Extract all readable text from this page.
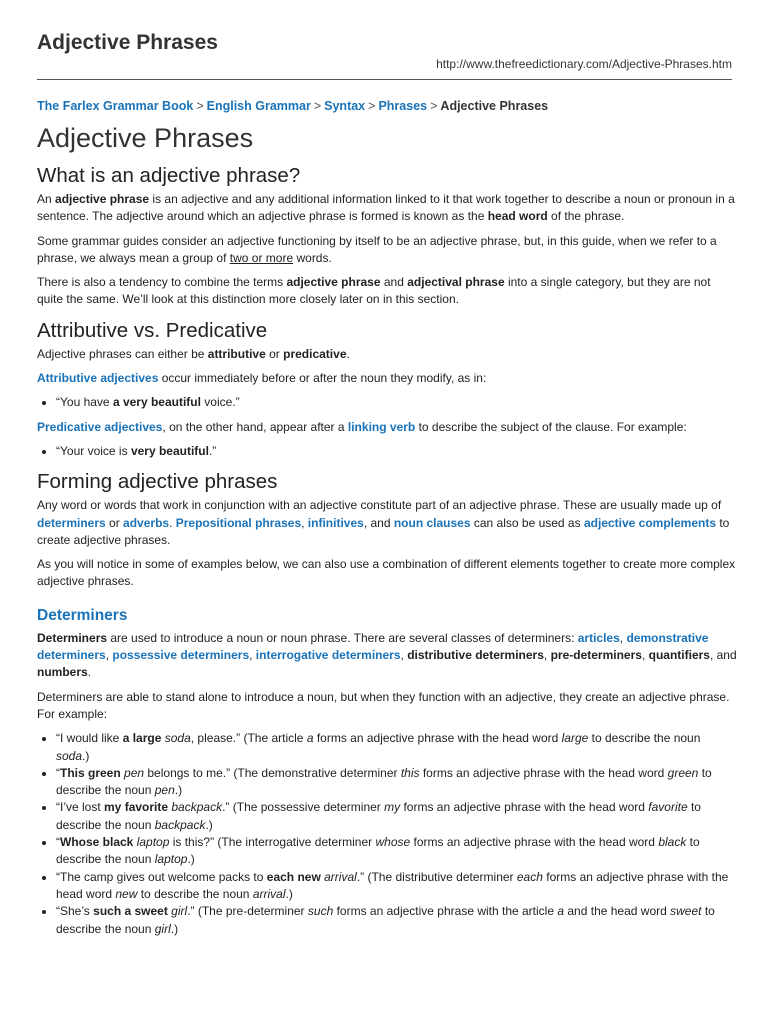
Adjective Phrases
http://www.thefreedictionary.com/Adjective-Phrases.htm
The Farlex Grammar Book > English Grammar > Syntax > Phrases > Adjective Phrases
Adjective Phrases
What is an adjective phrase?

An adjective phrase is an adjective and any additional information linked to it that work together to describe a noun or pronoun in a sentence. The adjective around which an adjective phrase is formed is known as the head word of the phrase.

Some grammar guides consider an adjective functioning by itself to be an adjective phrase, but, in this guide, when we refer to a phrase, we always mean a group of two or more words.

There is also a tendency to combine the terms adjective phrase and adjectival phrase into a single category, but they are not quite the same. We’ll look at this distinction more closely later on in this section.

Attributive vs. Predicative

Adjective phrases can either be attributive or predicative.

Attributive adjectives occur immediately before or after the noun they modify, as in:

• “You have a very beautiful voice.”

Predicative adjectives, on the other hand, appear after a linking verb to describe the subject of the clause. For example:

• “Your voice is very beautiful.”
Forming adjective phrases

Any word or words that work in conjunction with an adjective constitute part of an adjective phrase. These are usually made up of determiners or adverbs. Prepositional phrases, infinitives, and noun clauses can also be used as adjective complements to create adjective phrases.

As you will notice in some of examples below, we can also use a combination of different elements together to create more complex adjective phrases.

Determiners

Determiners are used to introduce a noun or noun phrase. There are several classes of determiners: articles, demonstrative determiners, possessive determiners, interrogative determiners, distributive determiners, pre-determiners, quantifiers, and numbers.

Determiners are able to stand alone to introduce a noun, but when they function with an adjective, they create an adjective phrase. For example:

• “I would like a large soda, please.” (The article a forms an adjective phrase with the head word large to describe the noun soda.)
• “This green pen belongs to me.” (The demonstrative determiner this forms an adjective phrase with the head word green to describe the noun pen.)
• “I’ve lost my favorite backpack.” (The possessive determiner my forms an adjective phrase with the head word favorite to describe the noun backpack.)
• “Whose black laptop is this?” (The interrogative determiner whose forms an adjective phrase with the head word black to describe the noun laptop.)
• “The camp gives out welcome packs to each new arrival.” (The distributive determiner each forms an adjective phrase with the head word new to describe the noun arrival.)
• “She’s such a sweet girl.” (The pre-determiner such forms an adjective phrase with the article a and the head word sweet to describe the noun girl.)
